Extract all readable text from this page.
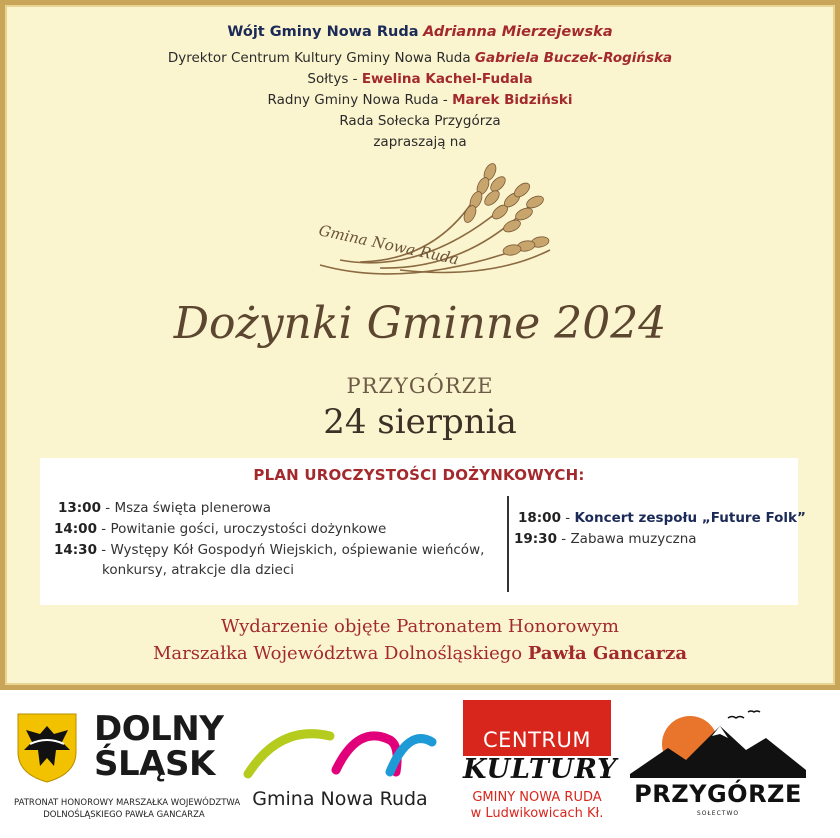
Wójt Gminy Nowa Ruda Adrianna Mierzejewska
Dyrektor Centrum Kultury Gminy Nowa Ruda Gabriela Buczek-Rogińska
Sołtys - Ewelina Kachel-Fudala
Radny Gminy Nowa Ruda - Marek Bidziński
Rada Sołecka Przygórza
zapraszają na
Gmina Nowa Ruda
Dożynki Gminne 2024
PRZYGÓRZE
24 sierpnia
PLAN UROCZYSTOŚCI DOŻYNKOWYCH:
13:00 - Msza święta plenerowa
14:00 - Powitanie gości, uroczystości dożynkowe
14:30 - Występy Kół Gospodyń Wiejskich, ośpiewanie wieńców,
konkursy, atrakcje dla dzieci
18:00 - Koncert zespołu „Future Folk”
19:30 - Zabawa muzyczna
Wydarzenie objęte Patronatem Honorowym
Marszałka Województwa Dolnośląskiego Pawła Gancarza
DOLNY
ŚLĄSK
PATRONAT HONOROWY MARSZAŁKA WOJEWÓDZTWA
DOLNOŚLĄSKIEGO PAWŁA GANCARZA
Gmina Nowa Ruda
CENTRUM
KULTURY
GMINY NOWA RUDA
w Ludwikowicach Kł.
PRZYGÓRZE
SOŁECTWO
